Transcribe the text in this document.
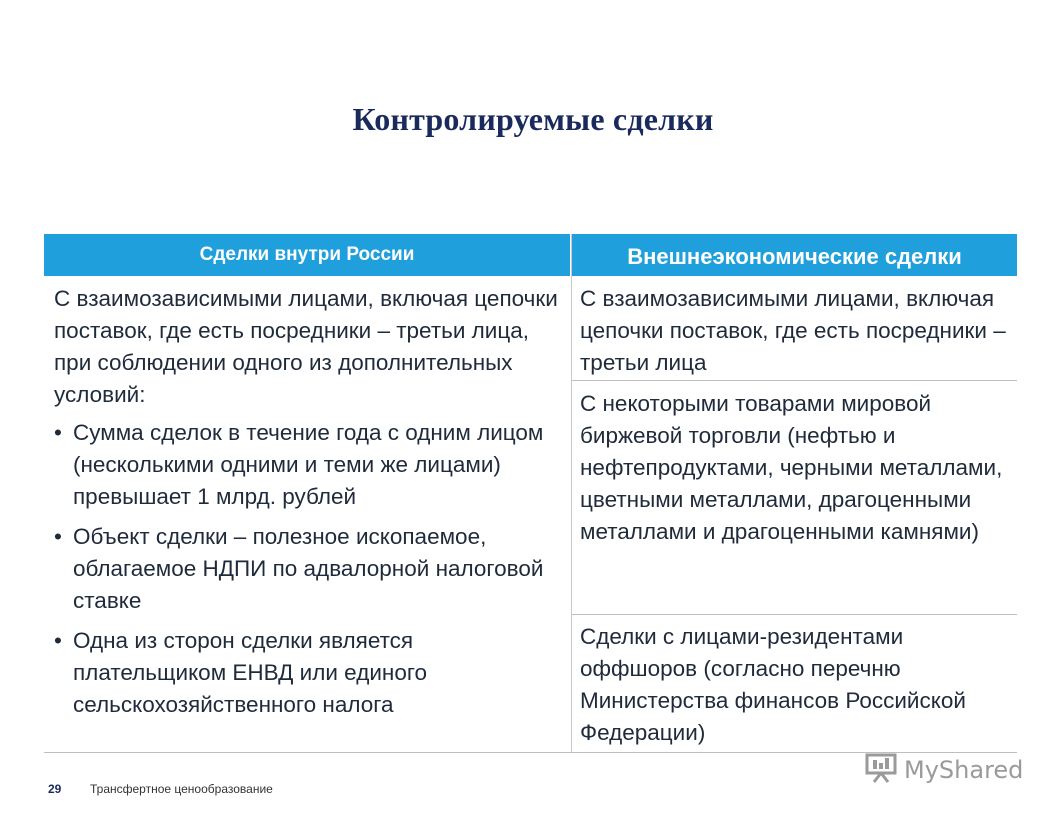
Контролируемые сделки
Сделки внутри России	Внешнеэкономические сделки

С взаимозависимыми лицами, включая цепочки поставок, где есть посредники – третьи лица, при соблюдении одного из дополнительных условий:

• Сумма сделок в течение года с одним лицом (несколькими одними и теми же лицами) превышает 1 млрд. рублей
• Объект сделки – полезное ископаемое, облагаемое НДПИ по адвалорной налоговой ставке
• Одна из сторон сделки является плательщиком ЕНВД или единого сельскохозяйственного налога
С взаимозависимыми лицами, включая цепочки поставок, где есть посредники – третьи лица
С некоторыми товарами мировой биржевой торговли (нефтью и нефтепродуктами, черными металлами, цветными металлами, драгоценными металлами и драгоценными камнями)
Сделки с лицами-резидентами оффшоров (согласно перечню Министерства финансов Российской Федерации)
29 Трансфертное ценообразование
MyShared
